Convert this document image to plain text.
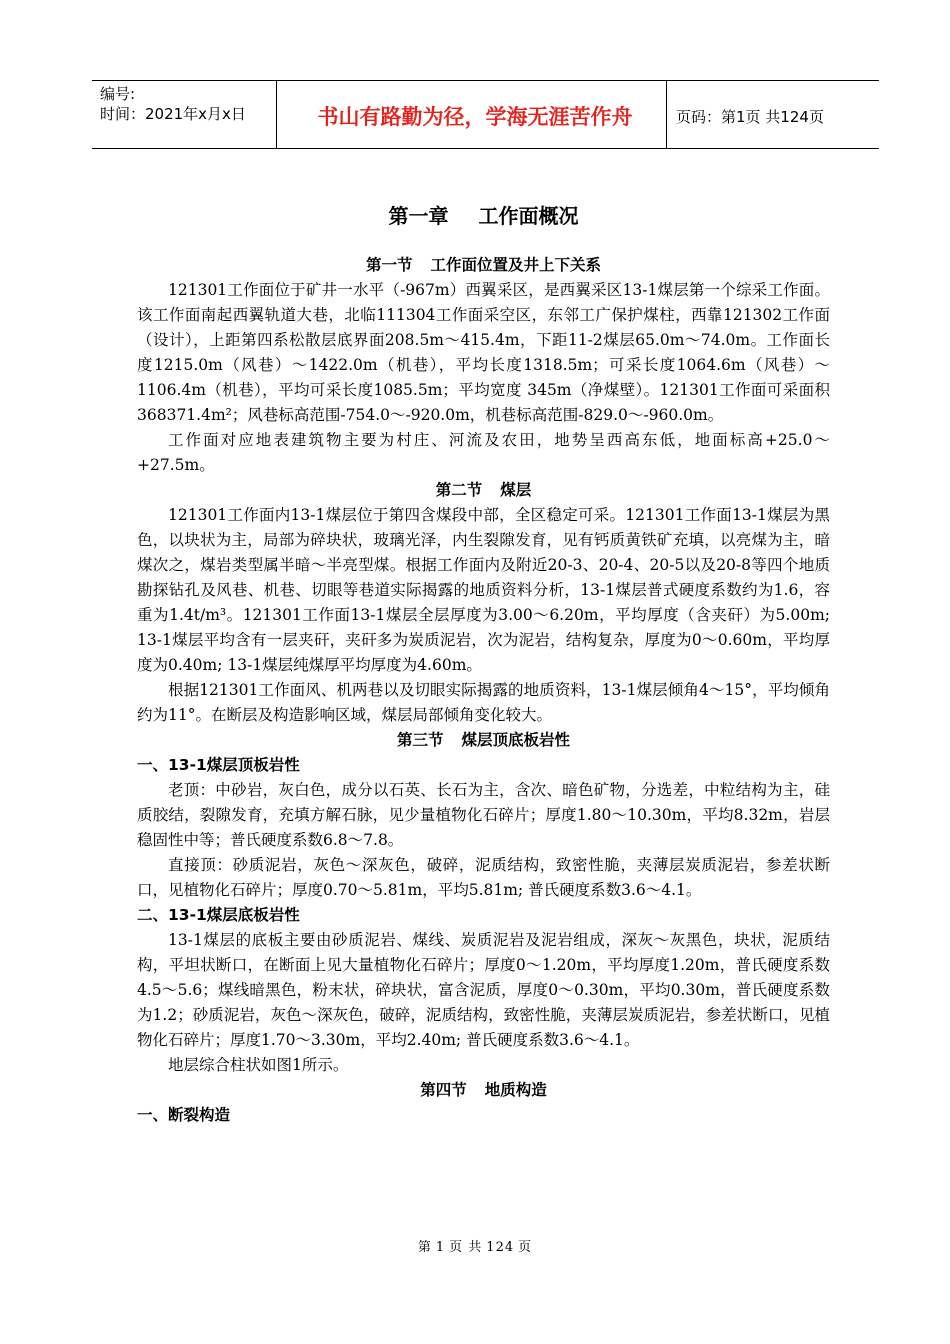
编号:
时间：2021年x月x日	书山有路勤为径，学海无涯苦作舟	页码：第1页 共124页
第一章 工作面概况
第一节 工作面位置及井上下关系

121301工作面位于矿井一水平（-967m）西翼采区，是西翼采区13-1煤层第一个综采工作面。该工作面南起西翼轨道大巷，北临111304工作面采空区，东邻工广保护煤柱，西靠121302工作面（设计），上距第四系松散层底界面208.5m～415.4m，下距11-2煤层65.0m～74.0m。工作面长度1215.0m（风巷）～1422.0m（机巷），平均长度1318.5m；可采长度1064.6m（风巷）～1106.4m（机巷），平均可采长度1085.5m；平均宽度 345m（净煤壁）。121301工作面可采面积368371.4m²；风巷标高范围-754.0～-920.0m，机巷标高范围-829.0～-960.0m。

工作面对应地表建筑物主要为村庄、河流及农田，地势呈西高东低，地面标高+25.0～+27.5m。

第二节 煤层

121301工作面内13-1煤层位于第四含煤段中部，全区稳定可采。121301工作面13-1煤层为黑色，以块状为主，局部为碎块状，玻璃光泽，内生裂隙发育，见有钙质黄铁矿充填，以亮煤为主，暗煤次之，煤岩类型属半暗～半亮型煤。根据工作面内及附近20-3、20-4、20-5以及20-8等四个地质勘探钻孔及风巷、机巷、切眼等巷道实际揭露的地质资料分析，13-1煤层普式硬度系数约为1.6，容重为1.4t/m³。121301工作面13-1煤层全层厚度为3.00～6.20m，平均厚度（含夹矸）为5.00m; 13-1煤层平均含有一层夹矸，夹矸多为炭质泥岩，次为泥岩，结构复杂，厚度为0～0.60m，平均厚度为0.40m; 13-1煤层纯煤厚平均厚度为4.60m。

根据121301工作面风、机两巷以及切眼实际揭露的地质资料，13-1煤层倾角4～15°，平均倾角约为11°。在断层及构造影响区域，煤层局部倾角变化较大。

第三节 煤层顶底板岩性
一、13-1煤层顶板岩性

老顶：中砂岩，灰白色，成分以石英、长石为主，含次、暗色矿物，分选差，中粒结构为主，硅质胶结，裂隙发育，充填方解石脉，见少量植物化石碎片；厚度1.80～10.30m，平均8.32m，岩层稳固性中等；普氏硬度系数6.8～7.8。

直接顶：砂质泥岩，灰色～深灰色，破碎，泥质结构，致密性脆，夹薄层炭质泥岩，参差状断口，见植物化石碎片；厚度0.70～5.81m，平均5.81m; 普氏硬度系数3.6～4.1。

二、13-1煤层底板岩性

13-1煤层的底板主要由砂质泥岩、煤线、炭质泥岩及泥岩组成，深灰～灰黑色，块状，泥质结构，平坦状断口，在断面上见大量植物化石碎片；厚度0～1.20m，平均厚度1.20m，普氏硬度系数4.5～5.6；煤线暗黑色，粉末状，碎块状，富含泥质，厚度0～0.30m，平均0.30m，普氏硬度系数为1.2；砂质泥岩，灰色～深灰色，破碎，泥质结构，致密性脆，夹薄层炭质泥岩，参差状断口，见植物化石碎片；厚度1.70～3.30m，平均2.40m; 普氏硬度系数3.6～4.1。

地层综合柱状如图1所示。

第四节 地质构造
一、断裂构造
第 1 页 共 124 页
